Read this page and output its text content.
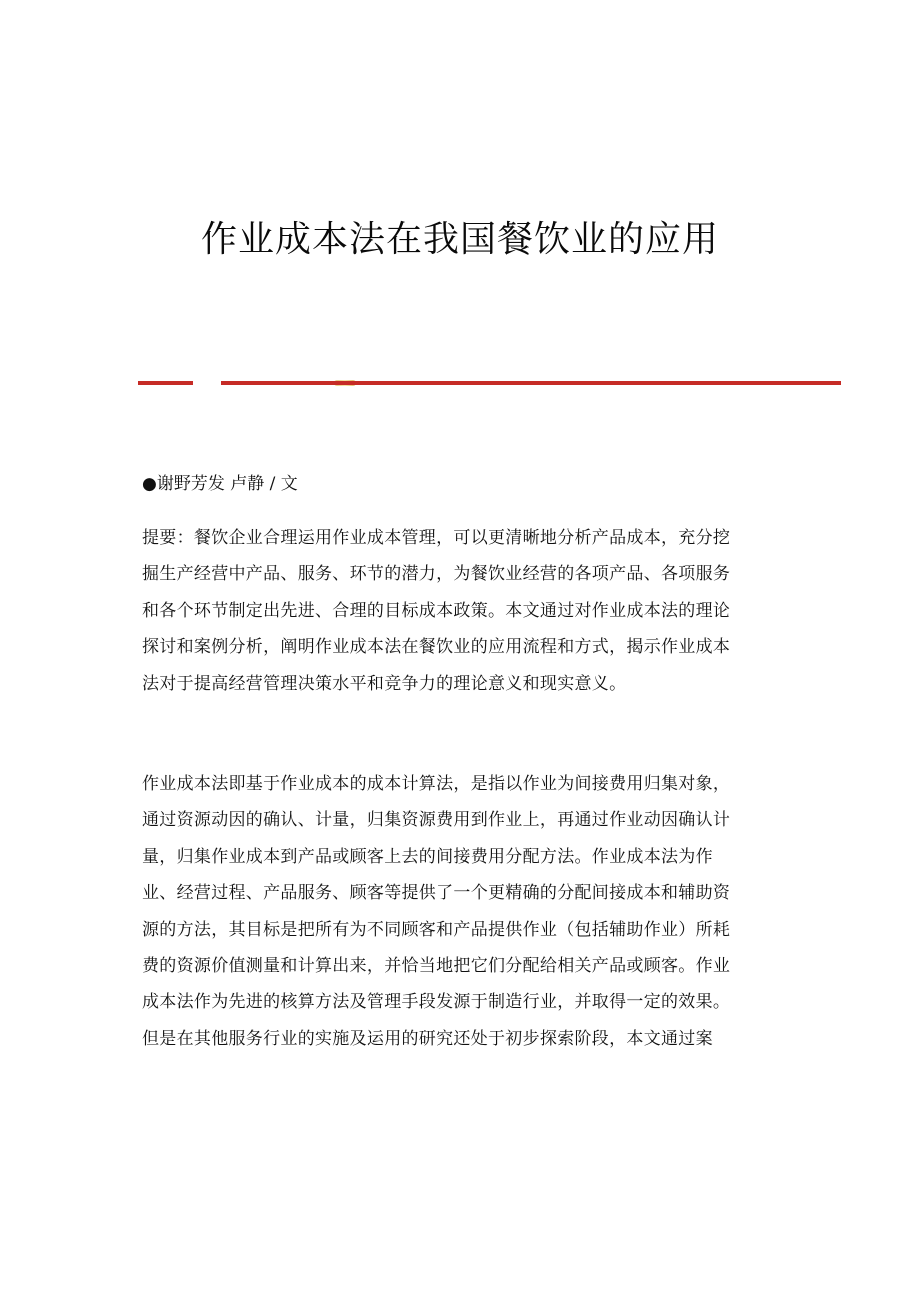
作业成本法在我国餐饮业的应用

●谢野芳发 卢静 / 文

提要：餐饮企业合理运用作业成本管理，可以更清晰地分析产品成本，充分挖
掘生产经营中产品、服务、环节的潜力，为餐饮业经营的各项产品、各项服务
和各个环节制定出先进、合理的目标成本政策。本文通过对作业成本法的理论
探讨和案例分析，阐明作业成本法在餐饮业的应用流程和方式，揭示作业成本
法对于提高经营管理决策水平和竞争力的理论意义和现实意义。
作业成本法即基于作业成本的成本计算法，是指以作业为间接费用归集对象，
通过资源动因的确认、计量，归集资源费用到作业上，再通过作业动因确认计
量，归集作业成本到产品或顾客上去的间接费用分配方法。作业成本法为作
业、经营过程、产品服务、顾客等提供了一个更精确的分配间接成本和辅助资
源的方法，其目标是把所有为不同顾客和产品提供作业（包括辅助作业）所耗
费的资源价值测量和计算出来，并恰当地把它们分配给相关产品或顾客。作业
成本法作为先进的核算方法及管理手段发源于制造行业，并取得一定的效果。
但是在其他服务行业的实施及运用的研究还处于初步探索阶段，本文通过案
